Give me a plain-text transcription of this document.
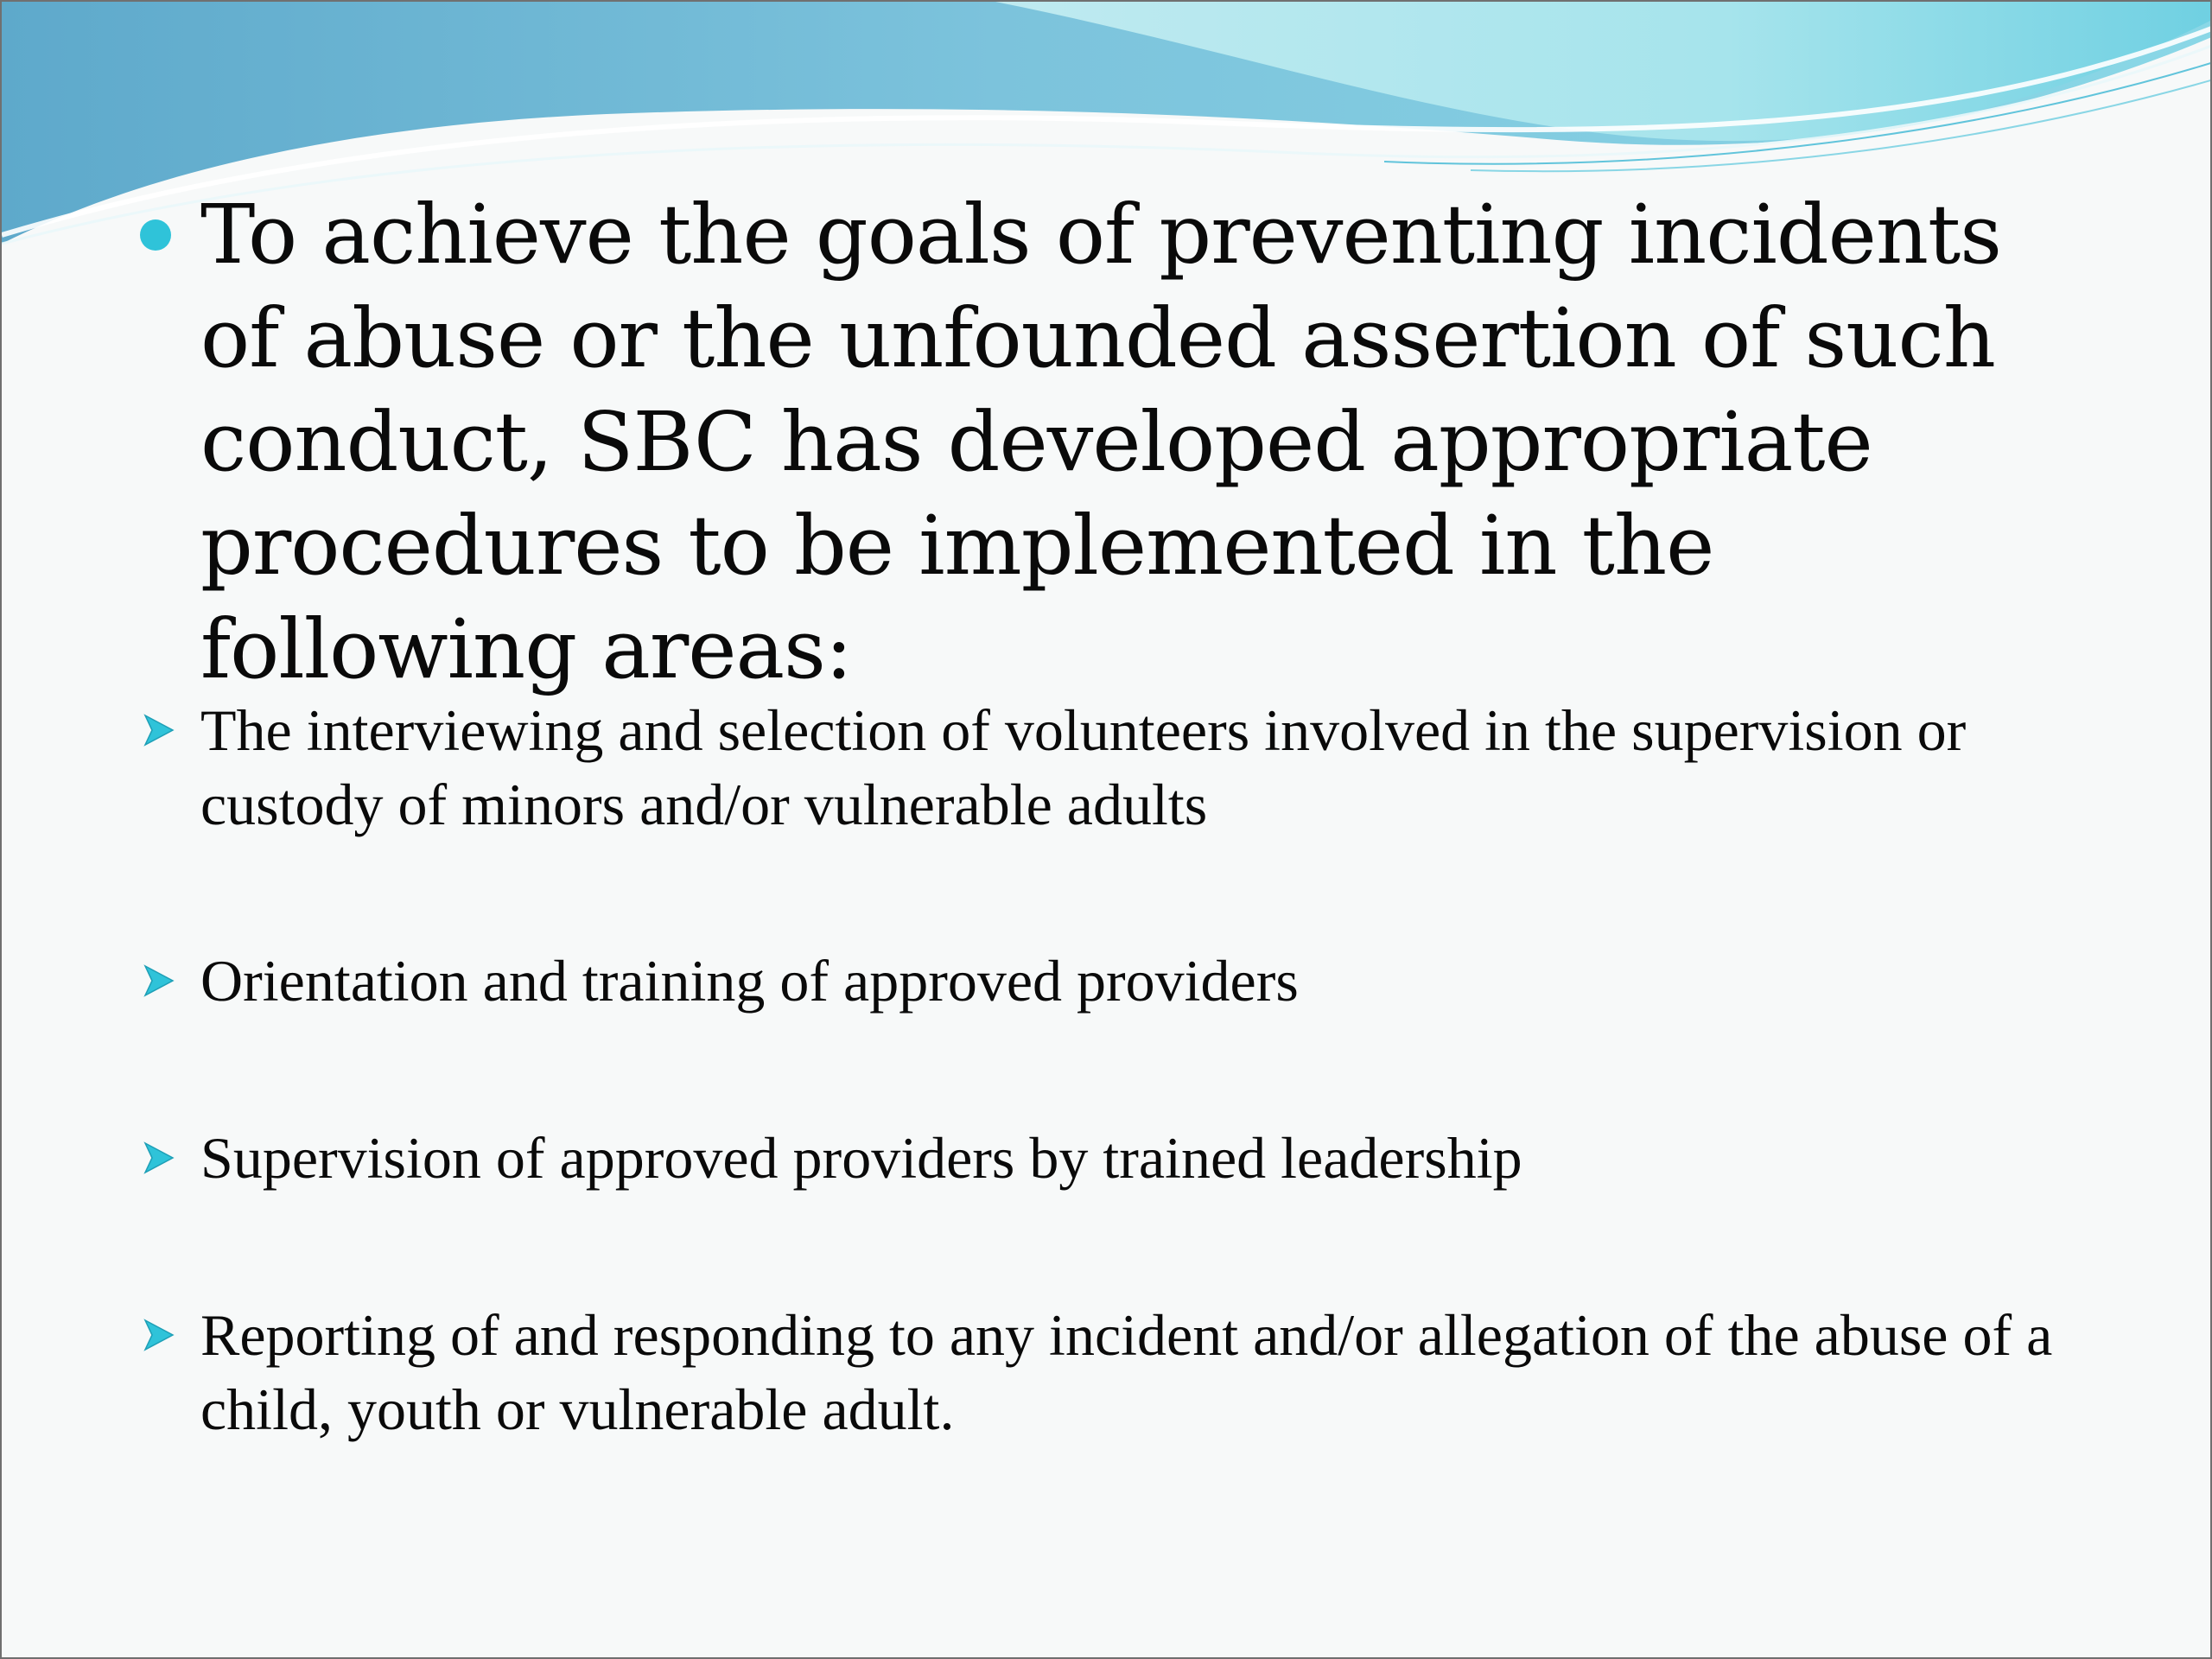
To achieve the goals of preventing incidents of abuse or the unfounded assertion of such conduct, SBC has developed appropriate procedures to be implemented in the following areas:
The interviewing and selection of volunteers involved in the supervision or custody of minors and/or vulnerable adults
Orientation and training of approved providers
Supervision of approved providers by trained leadership
Reporting of and responding to any incident and/or allegation of the abuse of a child, youth or vulnerable adult.
